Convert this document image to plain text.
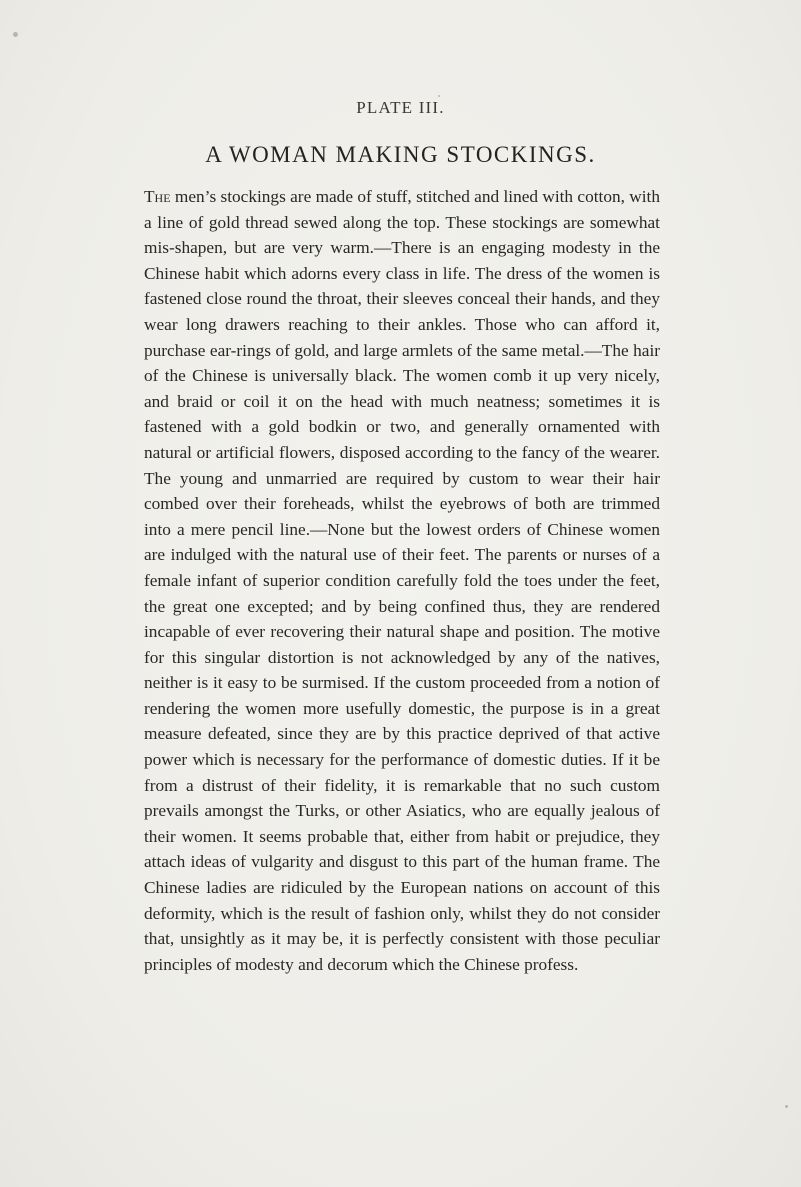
PLATE III.
A WOMAN MAKING STOCKINGS.

The men’s stockings are made of stuff, stitched and lined with cotton, with a line of gold thread sewed along the top. These stockings are somewhat mis-shapen, but are very warm.—There is an engaging modesty in the Chinese habit which adorns every class in life. The dress of the women is fastened close round the throat, their sleeves conceal their hands, and they wear long drawers reaching to their ankles. Those who can afford it, purchase ear-rings of gold, and large armlets of the same metal.—The hair of the Chinese is universally black. The women comb it up very nicely, and braid or coil it on the head with much neatness; sometimes it is fastened with a gold bodkin or two, and generally ornamented with natural or artificial flowers, disposed according to the fancy of the wearer. The young and unmarried are required by custom to wear their hair combed over their foreheads, whilst the eyebrows of both are trimmed into a mere pencil line.—None but the lowest orders of Chinese women are indulged with the natural use of their feet. The parents or nurses of a female infant of superior condition carefully fold the toes under the feet, the great one excepted; and by being confined thus, they are rendered incapable of ever recovering their natural shape and position. The motive for this singular distortion is not acknowledged by any of the natives, neither is it easy to be surmised. If the custom proceeded from a notion of rendering the women more usefully domestic, the purpose is in a great measure defeated, since they are by this practice deprived of that active power which is necessary for the performance of domestic duties. If it be from a distrust of their fidelity, it is remarkable that no such custom prevails amongst the Turks, or other Asiatics, who are equally jealous of their women. It seems probable that, either from habit or prejudice, they attach ideas of vulgarity and disgust to this part of the human frame. The Chinese ladies are ridiculed by the European nations on account of this deformity, which is the result of fashion only, whilst they do not consider that, unsightly as it may be, it is perfectly consistent with those peculiar principles of modesty and decorum which the Chinese profess.
